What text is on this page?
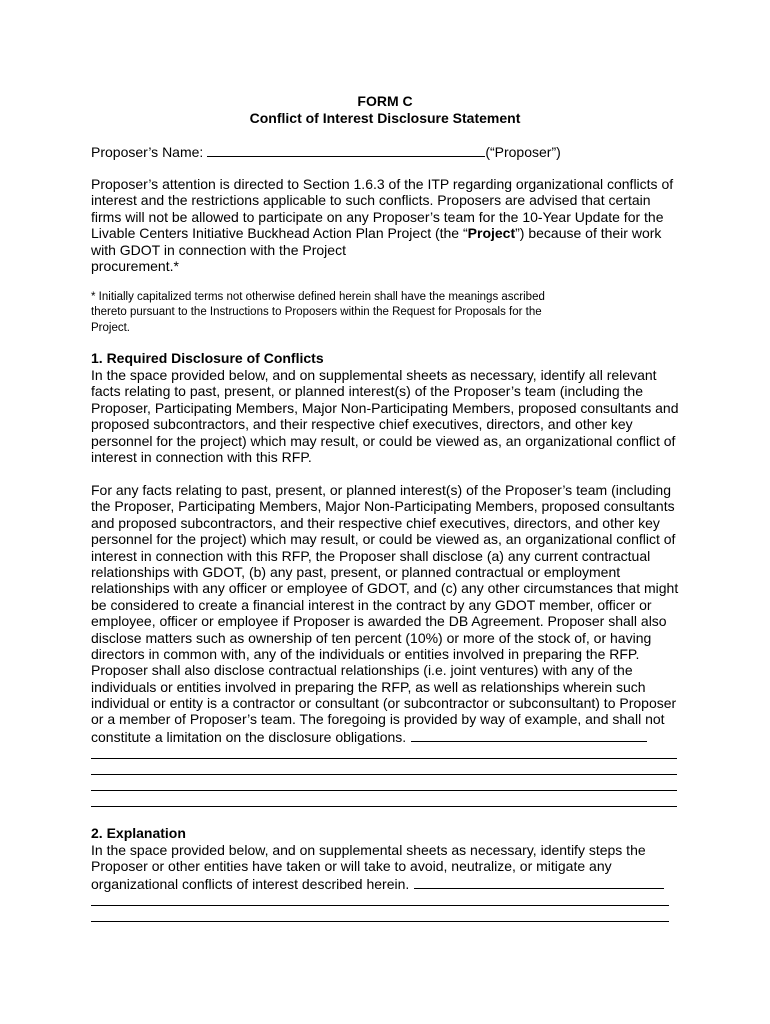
FORM C
Conflict of Interest Disclosure Statement
Proposer’s Name:	(“Proposer”)
Proposer’s attention is directed to Section 1.6.3 of the ITP regarding organizational conflicts of
interest and the restrictions applicable to such conflicts. Proposers are advised that certain
firms will not be allowed to participate on any Proposer’s team for the 10-Year Update for the
Livable Centers Initiative Buckhead Action Plan Project (the “Project”) because of their work
with GDOT in connection with the Project
procurement.*
* Initially capitalized terms not otherwise defined herein shall have the meanings ascribed
thereto pursuant to the Instructions to Proposers within the Request for Proposals for the
Project.
1. Required Disclosure of Conflicts
In the space provided below, and on supplemental sheets as necessary, identify all relevant
facts relating to past, present, or planned interest(s) of the Proposer’s team (including the
Proposer, Participating Members, Major Non-Participating Members, proposed consultants and
proposed subcontractors, and their respective chief executives, directors, and other key
personnel for the project) which may result, or could be viewed as, an organizational conflict of
interest in connection with this RFP.
For any facts relating to past, present, or planned interest(s) of the Proposer’s team (including
the Proposer, Participating Members, Major Non-Participating Members, proposed consultants
and proposed subcontractors, and their respective chief executives, directors, and other key
personnel for the project) which may result, or could be viewed as, an organizational conflict of
interest in connection with this RFP, the Proposer shall disclose (a) any current contractual
relationships with GDOT, (b) any past, present, or planned contractual or employment
relationships with any officer or employee of GDOT, and (c) any other circumstances that might
be considered to create a financial interest in the contract by any GDOT member, officer or
employee, officer or employee if Proposer is awarded the DB Agreement. Proposer shall also
disclose matters such as ownership of ten percent (10%) or more of the stock of, or having
directors in common with, any of the individuals or entities involved in preparing the RFP.
Proposer shall also disclose contractual relationships (i.e. joint ventures) with any of the
individuals or entities involved in preparing the RFP, as well as relationships wherein such
individual or entity is a contractor or consultant (or subcontractor or subconsultant) to Proposer
or a member of Proposer’s team. The foregoing is provided by way of example, and shall not
constitute a limitation on the disclosure obligations.
2. Explanation
In the space provided below, and on supplemental sheets as necessary, identify steps the
Proposer or other entities have taken or will take to avoid, neutralize, or mitigate any
organizational conflicts of interest described herein.
